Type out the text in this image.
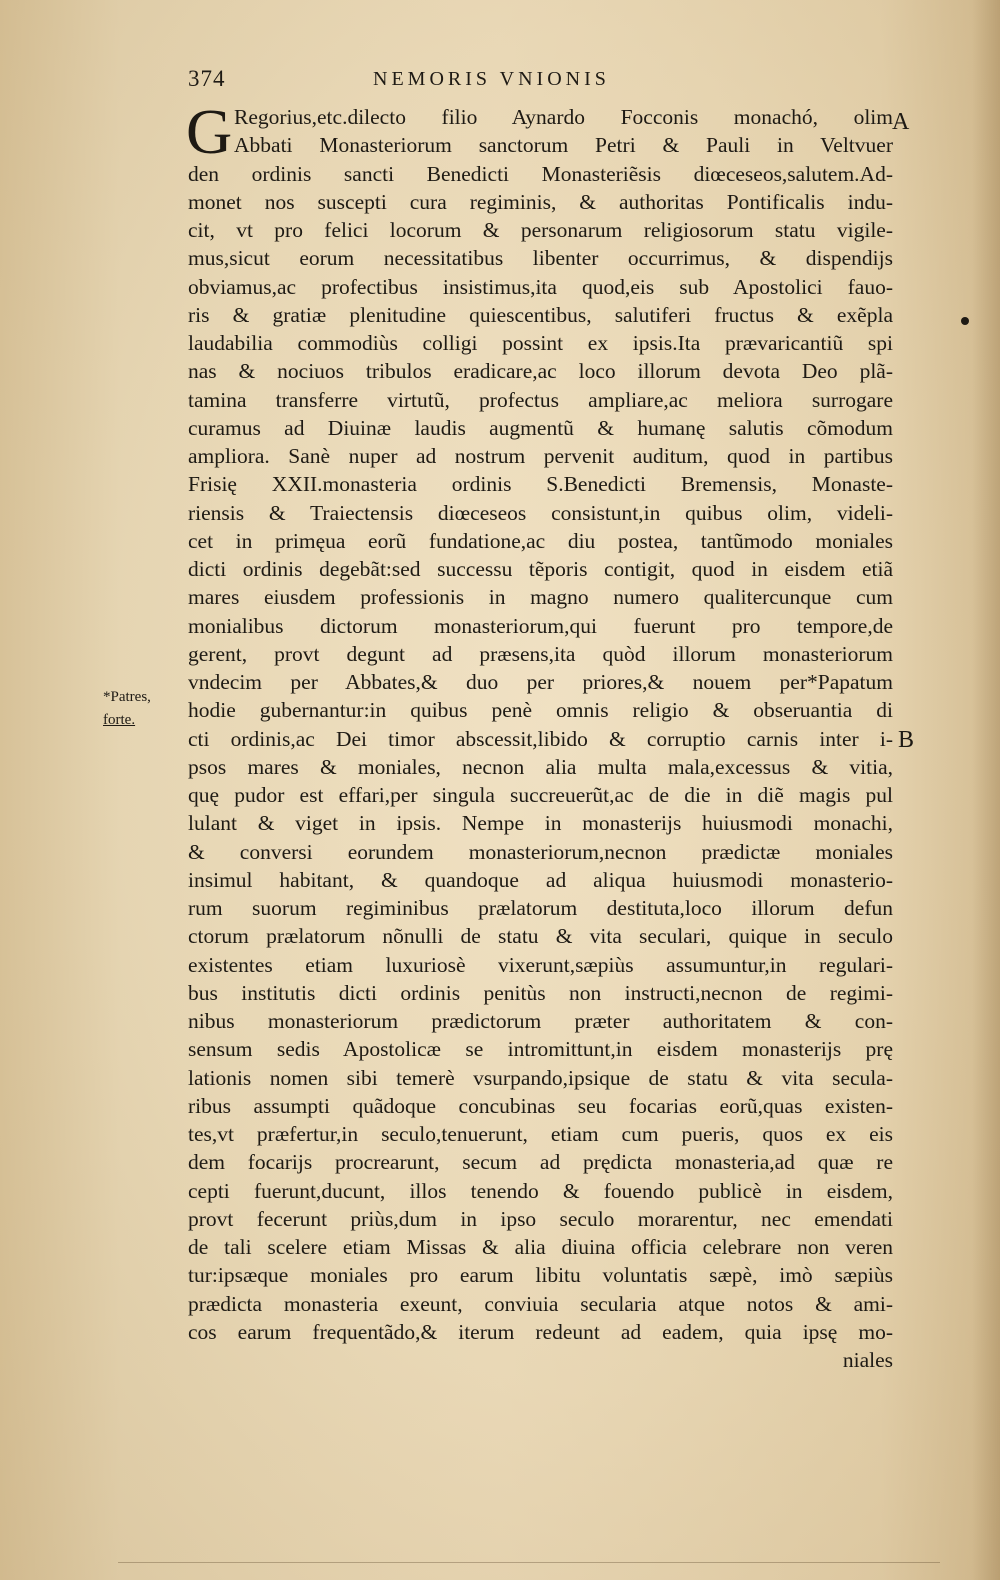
374	NEMORIS VNIONIS
A
B
*Patres,
forte.
G Regorius,etc.dilecto filio Aynardo Focconis monachó, olim
Abbati Monasteriorum sanctorum Petri & Pauli in Veltvuer
den ordinis sancti Benedicti Monasteriẽsis diœceseos,salutem.Ad-
monet nos suscepti cura regiminis, & authoritas Pontificalis indu-
cit, vt pro felici locorum & personarum religiosorum statu vigile-
mus,sicut eorum necessitatibus libenter occurrimus, & dispendijs
obviamus,ac profectibus insistimus,ita quod,eis sub Apostolici fauo-
ris & gratiæ plenitudine quiescentibus, salutiferi fructus & exẽpla
laudabilia commodiùs colligi possint ex ipsis.Ita prævaricantiũ spi
nas & nociuos tribulos eradicare,ac loco illorum devota Deo plã-
tamina transferre virtutũ, profectus ampliare,ac meliora surrogare
curamus ad Diuinæ laudis augmentũ & humanę salutis cõmodum
ampliora. Sanè nuper ad nostrum pervenit auditum, quod in partibus
Frisię XXII.monasteria ordinis S.Benedicti Bremensis, Monaste-
riensis & Traiectensis diœceseos consistunt,in quibus olim, videli-
cet in primęua eorũ fundatione,ac diu postea, tantũmodo moniales
dicti ordinis degebãt:sed successu tẽporis contigit, quod in eisdem etiã
mares eiusdem professionis in magno numero qualitercunque cum
monialibus dictorum monasteriorum,qui fuerunt pro tempore,de
gerent, provt degunt ad præsens,ita quòd illorum monasteriorum
vndecim per Abbates,& duo per priores,& nouem per*Papatum
hodie gubernantur:in quibus penè omnis religio & obseruantia di
cti ordinis,ac Dei timor abscessit,libido & corruptio carnis inter i-
psos mares & moniales, necnon alia multa mala,excessus & vitia,
quę pudor est effari,per singula succreuerũt,ac de die in diẽ magis pul
lulant & viget in ipsis. Nempe in monasterijs huiusmodi monachi,
& conversi eorundem monasteriorum,necnon prædictæ moniales
insimul habitant, & quandoque ad aliqua huiusmodi monasterio-
rum suorum regiminibus prælatorum destituta,loco illorum defun
ctorum prælatorum nõnulli de statu & vita seculari, quique in seculo
existentes etiam luxuriosè vixerunt,sæpiùs assumuntur,in regulari-
bus institutis dicti ordinis penitùs non instructi,necnon de regimi-
nibus monasteriorum prædictorum præter authoritatem & con-
sensum sedis Apostolicæ se intromittunt,in eisdem monasterijs prę
lationis nomen sibi temerè vsurpando,ipsique de statu & vita secula-
ribus assumpti quãdoque concubinas seu focarias eorũ,quas existen-
tes,vt præfertur,in seculo,tenuerunt, etiam cum pueris, quos ex eis
dem focarijs procrearunt, secum ad prędicta monasteria,ad quæ re
cepti fuerunt,ducunt, illos tenendo & fouendo publicè in eisdem,
provt fecerunt priùs,dum in ipso seculo morarentur, nec emendati
de tali scelere etiam Missas & alia diuina officia celebrare non veren
tur:ipsæque moniales pro earum libitu voluntatis sæpè, imò sæpiùs
prædicta monasteria exeunt, conviuia secularia atque notos & ami-
cos earum frequentãdo,& iterum redeunt ad eadem, quia ipsę mo-
niales
